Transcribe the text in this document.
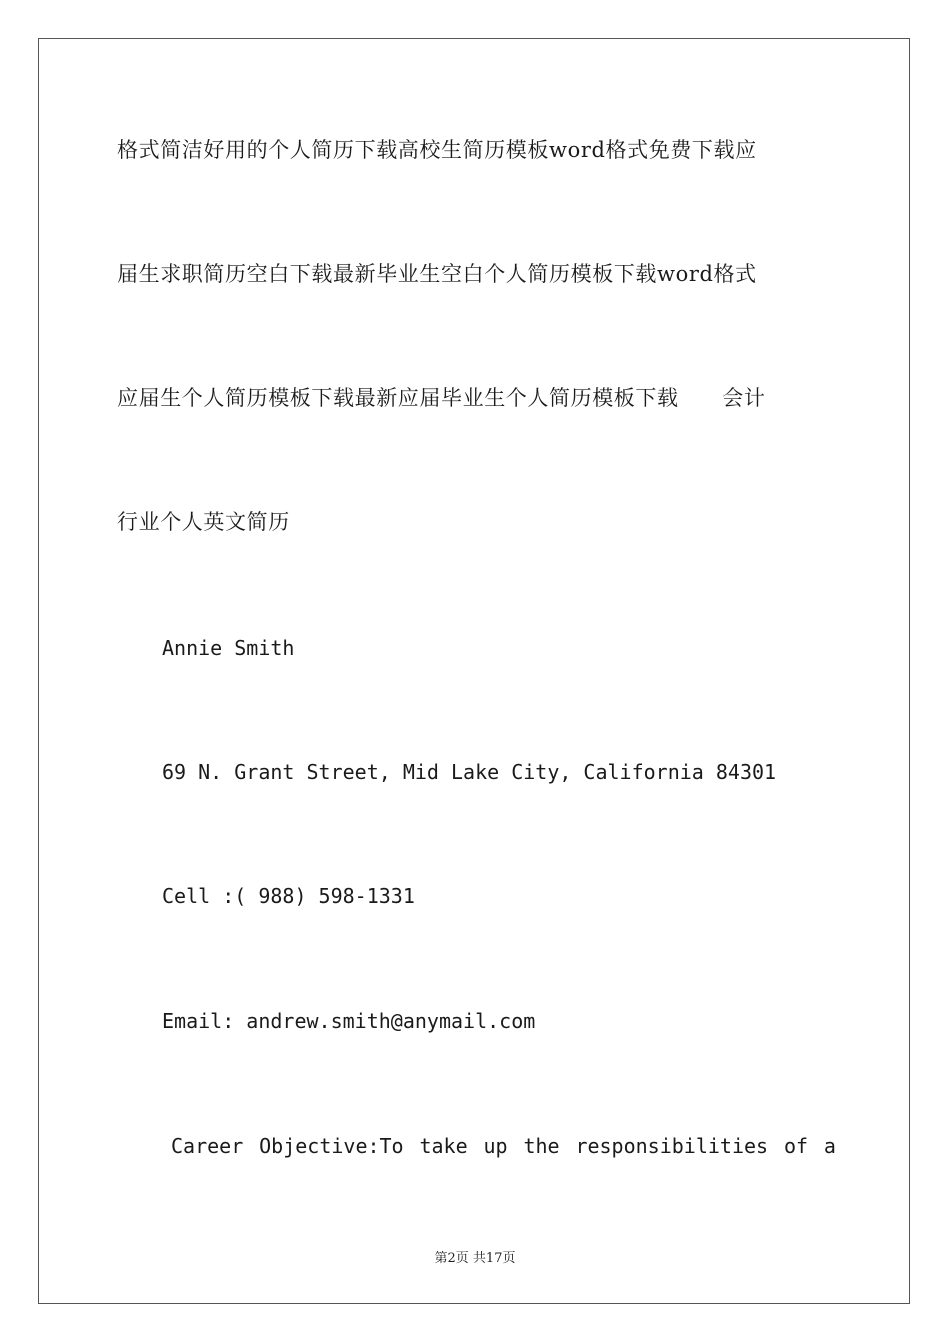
格式简洁好用的个人简历下载高校生简历模板word格式免费下载应
届生求职简历空白下载最新毕业生空白个人简历模板下载word格式
应届生个人简历模板下载最新应届毕业生个人简历模板下载      会计
行业个人英文简历
Annie Smith
69 N. Grant Street, Mid Lake City, California 84301
Cell :( 988) 598-1331
Email: andrew.smith@anymail.com
Career Objective:To take up the responsibilities of a
第2页 共17页
